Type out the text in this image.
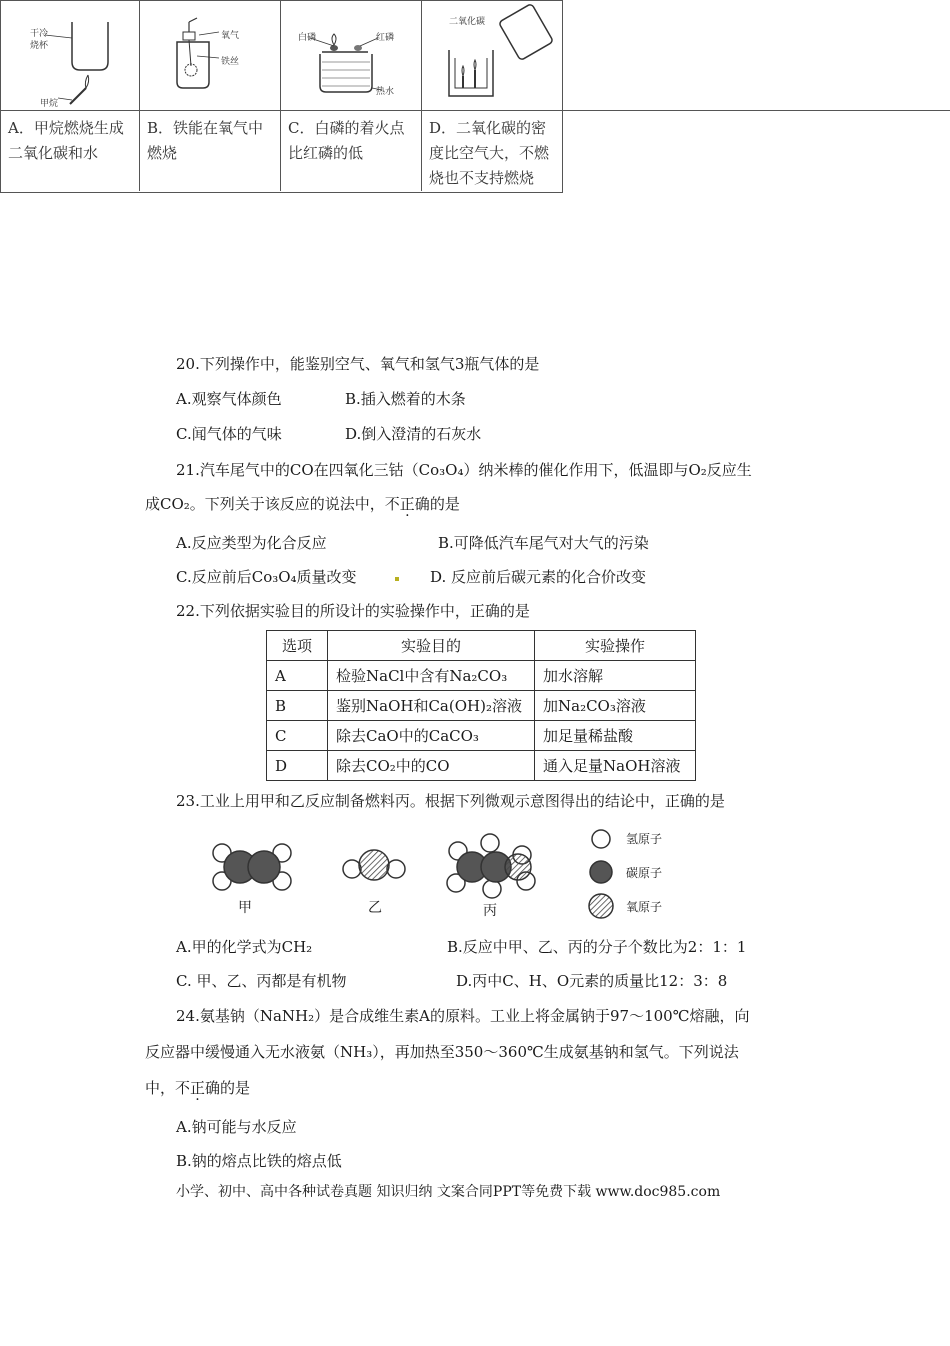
干冷
烧杯
甲烷
A．甲烷燃烧生成二氧化碳和水
氧气
铁丝
B．铁能在氧气中燃烧
白磷	红磷
热水
C．白磷的着火点比红磷的低
二氧化碳
D．二氧化碳的密度比空气大，不燃烧也不支持燃烧
20.下列操作中，能鉴别空气、氧气和氢气3瓶气体的是
A.观察气体颜色	B.插入燃着的木条
C.闻气体的气味	D.倒入澄清的石灰水
21.汽车尾气中的CO在四氧化三钴（Co₃O₄）纳米棒的催化作用下，低温即与O₂反应生
成CO₂。下列关于该反应的说法中，不正确的是
A.反应类型为化合反应	B.可降低汽车尾气对大气的污染
C.反应前后Co₃O₄质量改变	D. 反应前后碳元素的化合价改变
22.下列依据实验目的所设计的实验操作中，正确的是
选项	实验目的	实验操作
A	检验NaCl中含有Na₂CO₃	加水溶解
B	鉴别NaOH和Ca(OH)₂溶液	加Na₂CO₃溶液
C	除去CaO中的CaCO₃	加足量稀盐酸
D	除去CO₂中的CO	通入足量NaOH溶液
23.工业上用甲和乙反应制备燃料丙。根据下列微观示意图得出的结论中，正确的是
甲	乙	丙
氢原子
碳原子
氧原子
A.甲的化学式为CH₂	B.反应中甲、乙、丙的分子个数比为2：1：1
C. 甲、乙、丙都是有机物	D.丙中C、H、O元素的质量比12：3：8
24.氨基钠（NaNH₂）是合成维生素A的原料。工业上将金属钠于97～100℃熔融，向
反应器中缓慢通入无水液氨（NH₃），再加热至350～360℃生成氨基钠和氢气。下列说法
中，不正确的是
A.钠可能与水反应
B.钠的熔点比铁的熔点低
小学、初中、高中各种试卷真题 知识归纳 文案合同PPT等免费下载 www.doc985.com
